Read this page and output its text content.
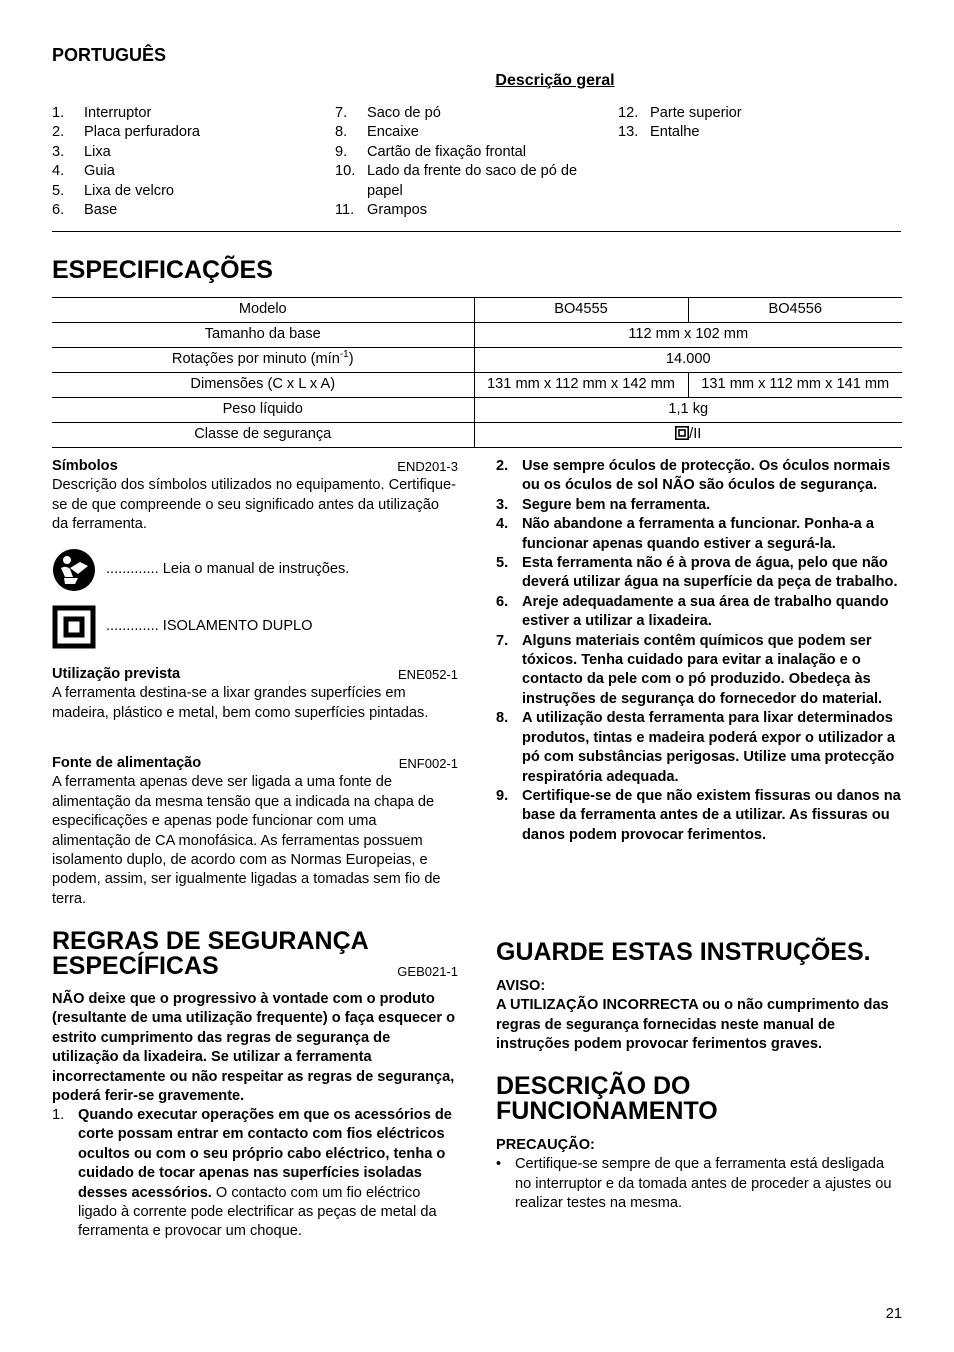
PORTUGUÊS
Descrição geral
1.	Interruptor
2.	Placa perfuradora
3.	Lixa
4.	Guia
5.	Lixa de velcro
6.	Base
7.	Saco de pó
8.	Encaixe
9.	Cartão de fixação frontal
10. Lado da frente do saco de pó de papel
11. Grampos
12. Parte superior
13. Entalhe
ESPECIFICAÇÕES
Modelo	BO4555	BO4556
Tamanho da base	112 mm x 102 mm	
Rotações por minuto (mín$^{-1}$)	14.000	
Dimensões (C x L x A)	131 mm x 112 mm x 142 mm	131 mm x 112 mm x 141 mm
Peso líquido	1,1 kg	
Classe de segurança	/II	
Símbolos	END201-3
Descrição dos símbolos utilizados no equipamento. Certifique-se de que compreende o seu significado antes da utilização da ferramenta.
............. Leia o manual de instruções.
............. ISOLAMENTO DUPLO
Utilização prevista	ENE052-1
A ferramenta destina-se a lixar grandes superfícies em madeira, plástico e metal, bem como superfícies pintadas.
Fonte de alimentação	ENF002-1
A ferramenta apenas deve ser ligada a uma fonte de alimentação da mesma tensão que a indicada na chapa de especificações e apenas pode funcionar com uma alimentação de CA monofásica. As ferramentas possuem isolamento duplo, de acordo com as Normas Europeias, e podem, assim, ser igualmente ligadas a tomadas sem fio de terra.
REGRAS DE SEGURANÇA
ESPECÍFICAS	GEB021-1
NÃO deixe que o progressivo à vontade com o produto (resultante de uma utilização frequente) o faça esquecer o estrito cumprimento das regras de segurança de utilização da lixadeira. Se utilizar a ferramenta incorrectamente ou não respeitar as regras de segurança, poderá ferir-se gravemente.
1. Quando executar operações em que os acessórios de corte possam entrar em contacto com fios eléctricos ocultos ou com o seu próprio cabo eléctrico, tenha o cuidado de tocar apenas nas superfícies isoladas desses acessórios. O contacto com um fio eléctrico ligado à corrente pode electrificar as peças de metal da ferramenta e provocar um choque.
2. Use sempre óculos de protecção. Os óculos normais ou os óculos de sol NÃO são óculos de segurança.
3. Segure bem na ferramenta.
4. Não abandone a ferramenta a funcionar. Ponha-a a funcionar apenas quando estiver a segurá-la.
5. Esta ferramenta não é à prova de água, pelo que não deverá utilizar água na superfície da peça de trabalho.
6. Areje adequadamente a sua área de trabalho quando estiver a utilizar a lixadeira.
7. Alguns materiais contêm químicos que podem ser tóxicos. Tenha cuidado para evitar a inalação e o contacto da pele com o pó produzido. Obedeça às instruções de segurança do fornecedor do material.
8. A utilização desta ferramenta para lixar determinados produtos, tintas e madeira poderá expor o utilizador a pó com substâncias perigosas. Utilize uma protecção respiratória adequada.
9. Certifique-se de que não existem fissuras ou danos na base da ferramenta antes de a utilizar. As fissuras ou danos podem provocar ferimentos.
GUARDE ESTAS INSTRUÇÕES.
AVISO:
A UTILIZAÇÃO INCORRECTA ou o não cumprimento das regras de segurança fornecidas neste manual de instruções podem provocar ferimentos graves.
DESCRIÇÃO DO
FUNCIONAMENTO
PRECAUÇÃO:
• Certifique-se sempre de que a ferramenta está desligada no interruptor e da tomada antes de proceder a ajustes ou realizar testes na mesma.
21
